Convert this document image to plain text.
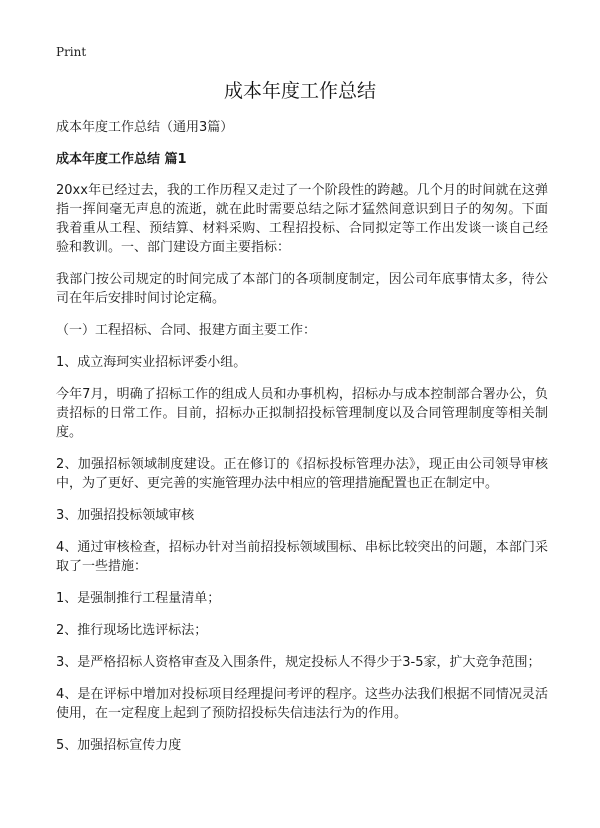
Print
成本年度工作总结
成本年度工作总结（通用3篇）
成本年度工作总结 篇1

20xx年已经过去，我的工作历程又走过了一个阶段性的跨越。几个月的时间就在这弹指一挥间毫无声息的流逝，就在此时需要总结之际才猛然间意识到日子的匆匆。下面我着重从工程、预结算、材料采购、工程招投标、合同拟定等工作出发谈一谈自己经验和教训。一、部门建设方面主要指标：

我部门按公司规定的时间完成了本部门的各项制度制定，因公司年底事情太多，待公司在年后安排时间讨论定稿。

（一）工程招标、合同、报建方面主要工作：

1、成立海珂实业招标评委小组。

今年7月，明确了招标工作的组成人员和办事机构，招标办与成本控制部合署办公，负责招标的日常工作。目前，招标办正拟制招投标管理制度以及合同管理制度等相关制度。

2、加强招标领域制度建设。正在修订的《招标投标管理办法》，现正由公司领导审核中，为了更好、更完善的实施管理办法中相应的管理措施配置也正在制定中。

3、加强招投标领域审核

4、通过审核检查，招标办针对当前招投标领域围标、串标比较突出的问题，本部门采取了一些措施：

1、是强制推行工程量清单；

2、推行现场比选评标法；

3、是严格招标人资格审查及入围条件，规定投标人不得少于3-5家，扩大竞争范围；

4、是在评标中增加对投标项目经理提问考评的程序。这些办法我们根据不同情况灵活使用，在一定程度上起到了预防招投标失信违法行为的作用。

5、加强招标宣传力度
